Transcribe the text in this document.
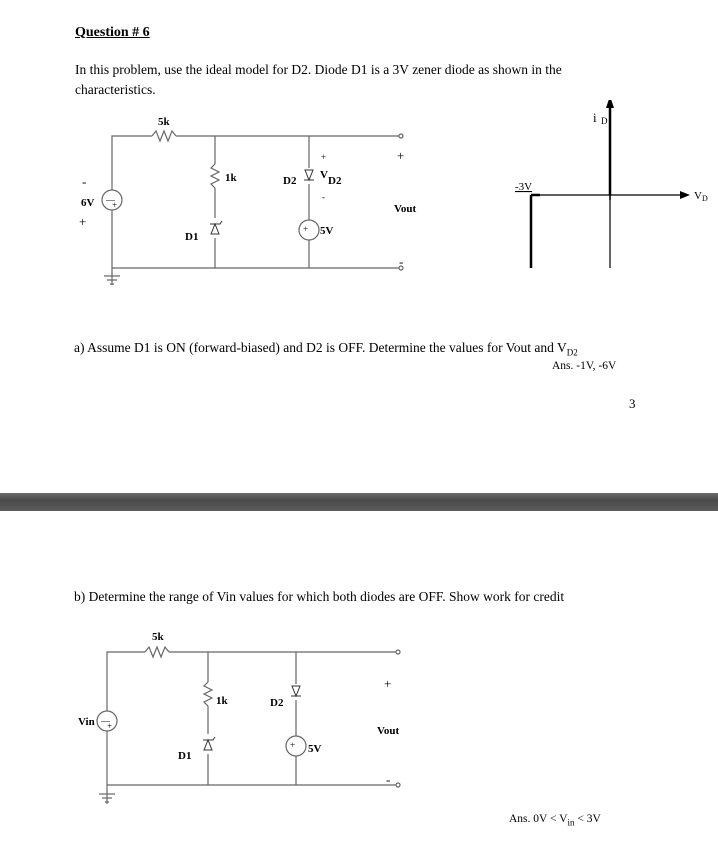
Question # 6
In this problem, use the ideal model for D2. Diode D1 is a 3V zener diode as shown in the characteristics.
—
+
+
5k
1k
D1
D2 V D2
+
-
5V
6V
-
+
+
-
Vout
i D
V D
-3V
a) Assume D1 is ON (forward-biased) and D2 is OFF. Determine the values for Vout and $V_{D2}$
Ans. -1V, -6V
3
b) Determine the range of Vin values for which both diodes are OFF. Show work for credit
—
+
+
5k
1k
D1
D2
5V
Vin
+
-
Vout
Ans. $0V < V_{in} < 3V$
